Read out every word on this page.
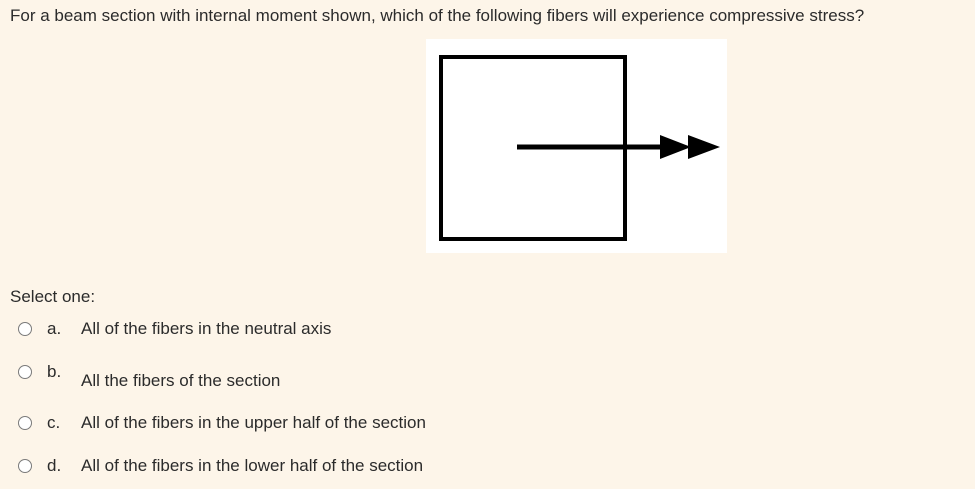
For a beam section with internal moment shown, which of the following fibers will experience compressive stress?
Select one:
a. All of the fibers in the neutral axis
b. All the fibers of the section
c. All of the fibers in the upper half of the section
d. All of the fibers in the lower half of the section
